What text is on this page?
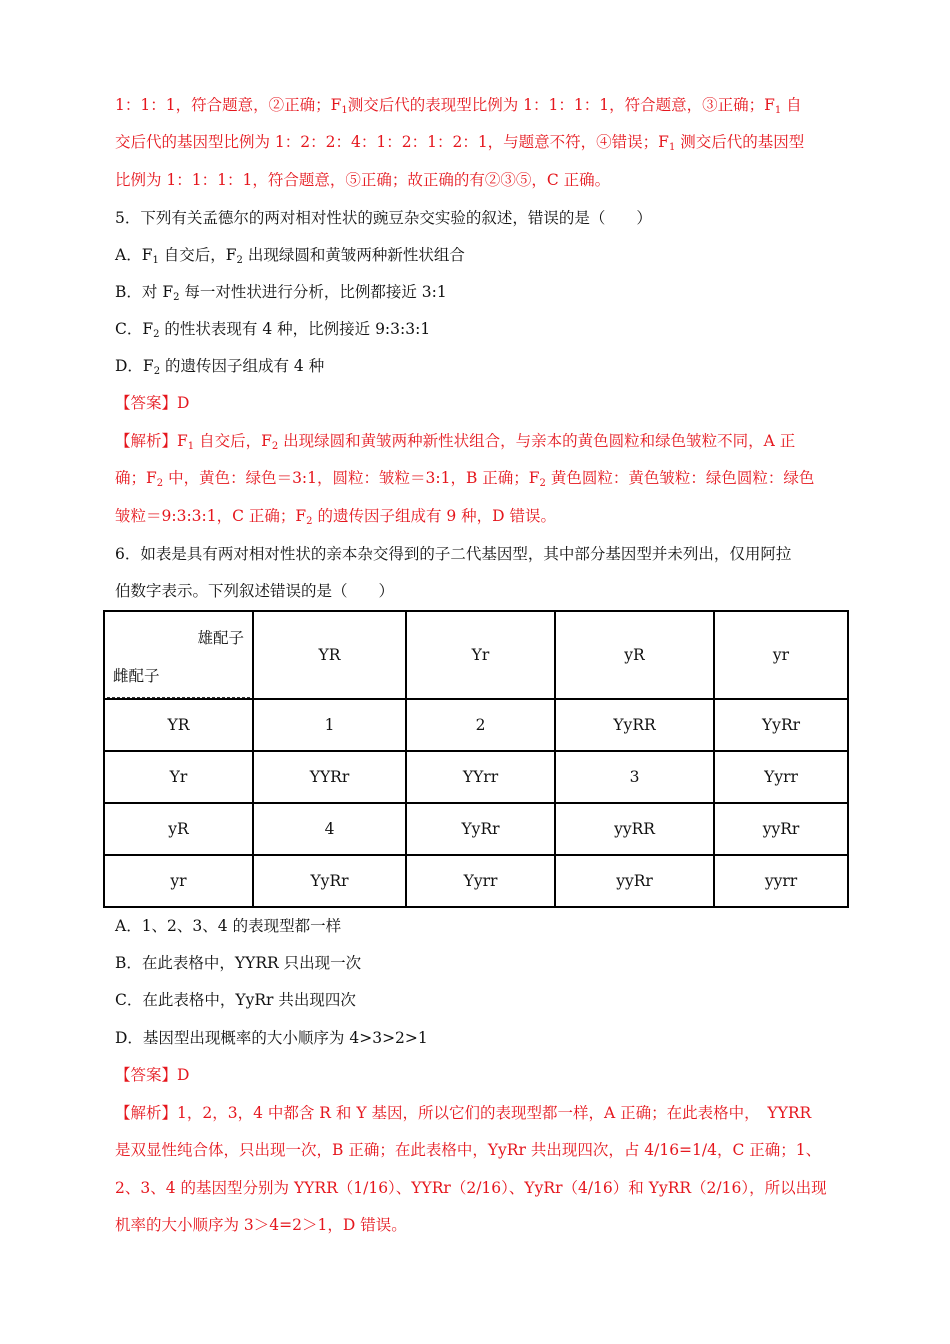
1：1：1，符合题意，②正确；$F_1$测交后代的表现型比例为 1：1：1：1，符合题意，③正确；$F_1$ 自
交后代的基因型比例为 1：2：2：4：1：2：1：2：1，与题意不符，④错误；$F_1$ 测交后代的基因型
比例为 1：1：1：1，符合题意，⑤正确；故正确的有②③⑤，C 正确。
5．下列有关孟德尔的两对相对性状的豌豆杂交实验的叙述，错误的是（　　）
A．$F_1$ 自交后，$F_2$ 出现绿圆和黄皱两种新性状组合
B．对 $F_2$ 每一对性状进行分析，比例都接近 3:1
C．$F_2$ 的性状表现有 4 种，比例接近 9:3:3:1
D．$F_2$ 的遗传因子组成有 4 种
【答案】D
【解析】$F_1$ 自交后，$F_2$ 出现绿圆和黄皱两种新性状组合，与亲本的黄色圆粒和绿色皱粒不同，A 正
确；$F_2$ 中，黄色：绿色＝3:1，圆粒：皱粒＝3:1，B 正确；$F_2$ 黄色圆粒：黄色皱粒：绿色圆粒：绿色
皱粒＝9:3:3:1，C 正确；$F_2$ 的遗传因子组成有 9 种，D 错误。
6．如表是具有两对相对性状的亲本杂交得到的子二代基因型，其中部分基因型并未列出，仅用阿拉
伯数字表示。下列叙述错误的是（　　）
雄配子
雌配子	YR	Yr	yR	yr
YR	1	2	YyRR	YyRr
Yr	YYRr	YYrr	3	Yyrr
yR	4	YyRr	yyRR	yyRr
yr	YyRr	Yyrr	yyRr	yyrr
A．1、2、3、4 的表现型都一样
B．在此表格中，YYRR 只出现一次
C．在此表格中，YyRr 共出现四次
D．基因型出现概率的大小顺序为 4>3>2>1
【答案】D
【解析】1，2，3，4 中都含 R 和 Y 基因，所以它们的表现型都一样，A 正确；在此表格中，　YYRR
是双显性纯合体，只出现一次，B 正确；在此表格中，YyRr 共出现四次，占 4/16=1/4，C 正确；1、
2、3、4 的基因型分别为 YYRR（1/16）、YYRr（2/16）、YyRr（4/16）和 YyRR（2/16），所以出现
机率的大小顺序为 3＞4=2＞1，D 错误。
